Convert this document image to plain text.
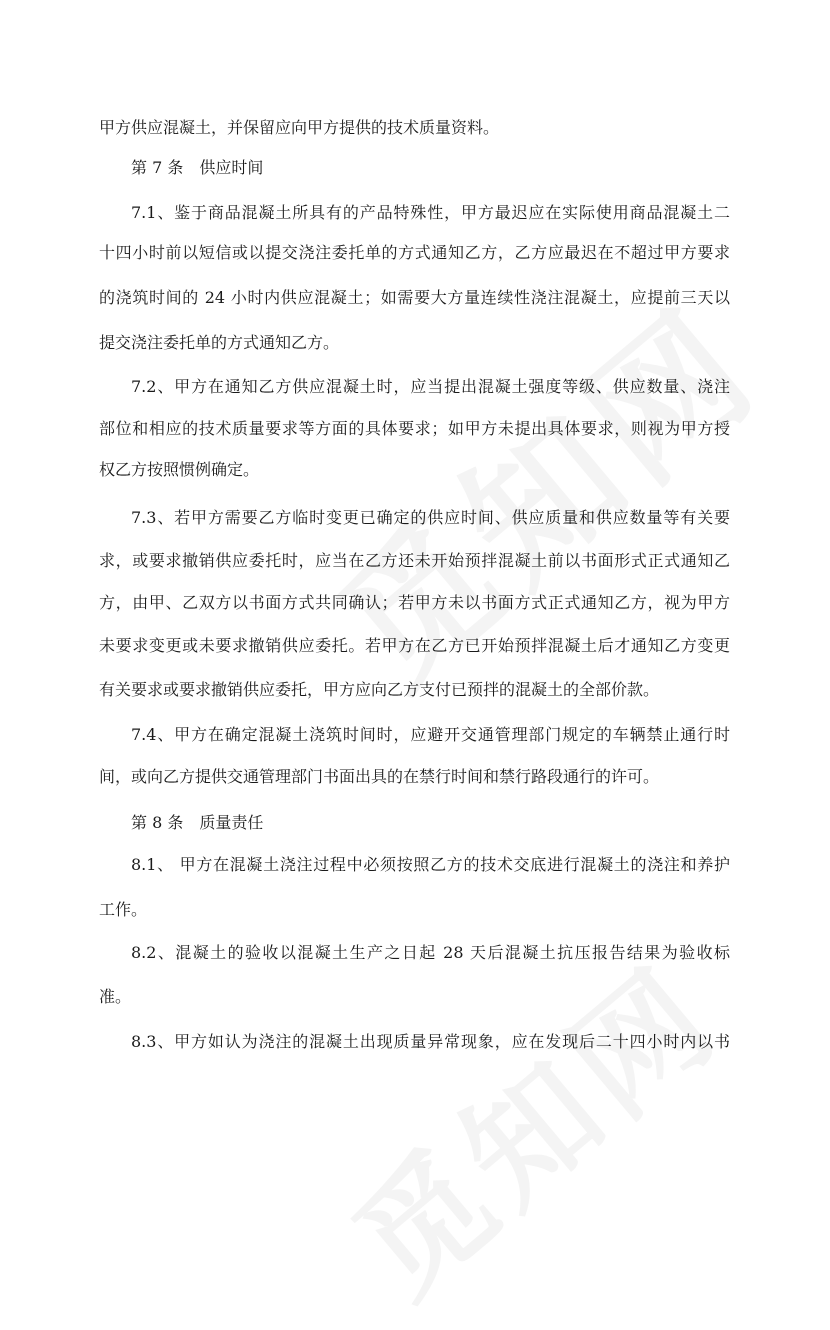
甲方供应混凝土，并保留应向甲方提供的技术质量资料。
第 7 条　供应时间
7.1、鉴于商品混凝土所具有的产品特殊性，甲方最迟应在实际使用商品混凝土二
十四小时前以短信或以提交浇注委托单的方式通知乙方，乙方应最迟在不超过甲方要求
的浇筑时间的 24 小时内供应混凝土；如需要大方量连续性浇注混凝土，应提前三天以
提交浇注委托单的方式通知乙方。
7.2、甲方在通知乙方供应混凝土时，应当提出混凝土强度等级、供应数量、浇注
部位和相应的技术质量要求等方面的具体要求；如甲方未提出具体要求，则视为甲方授
权乙方按照惯例确定。
7.3、若甲方需要乙方临时变更已确定的供应时间、供应质量和供应数量等有关要
求，或要求撤销供应委托时，应当在乙方还未开始预拌混凝土前以书面形式正式通知乙
方，由甲、乙双方以书面方式共同确认；若甲方未以书面方式正式通知乙方，视为甲方
未要求变更或未要求撤销供应委托。若甲方在乙方已开始预拌混凝土后才通知乙方变更
有关要求或要求撤销供应委托，甲方应向乙方支付已预拌的混凝土的全部价款。
7.4、甲方在确定混凝土浇筑时间时，应避开交通管理部门规定的车辆禁止通行时
间，或向乙方提供交通管理部门书面出具的在禁行时间和禁行路段通行的许可。
第 8 条　质量责任
8.1、 甲方在混凝土浇注过程中必须按照乙方的技术交底进行混凝土的浇注和养护
工作。
8.2、混凝土的验收以混凝土生产之日起 28 天后混凝土抗压报告结果为验收标
准。
8.3、甲方如认为浇注的混凝土出现质量异常现象，应在发现后二十四小时内以书
